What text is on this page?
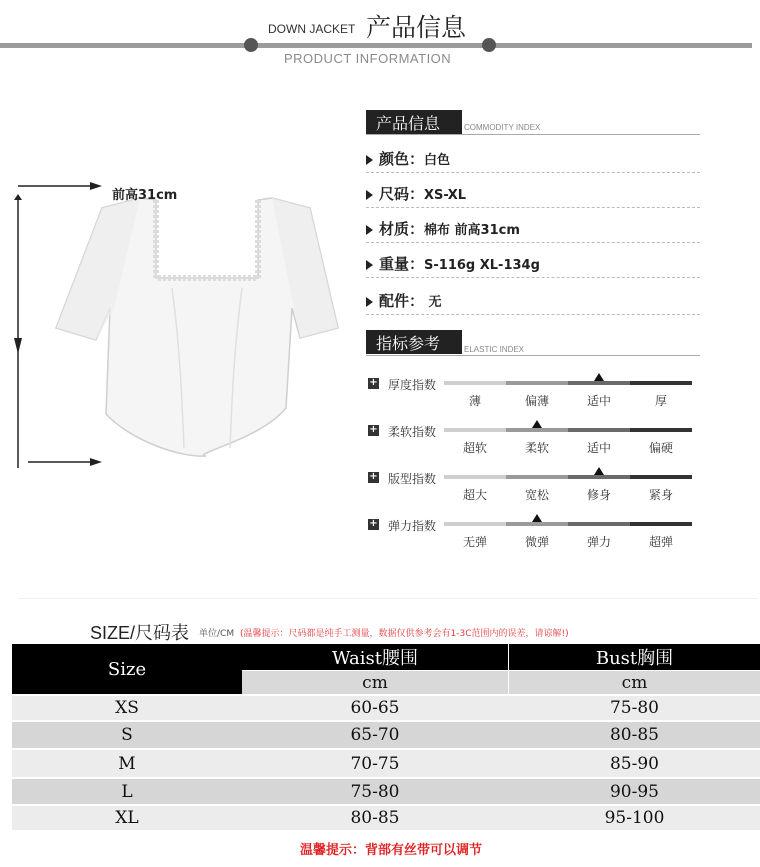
DOWN JACKET 产品信息
PRODUCT INFORMATION
前高31cm
产品信息	COMMODITY INDEX
颜色：白色
尺码：XS-XL
材质：棉布 前高31cm
重量：S-116g XL-134g
配件： 无
指标参考	ELASTIC INDEX
+ 厚度指数
薄	偏薄	适中	厚
+ 柔软指数
超软	柔软	适中	偏硬
+ 版型指数
超大	宽松	修身	紧身
+ 弹力指数
无弹	微弹	弹力	超弹
SIZE/尺码表 单位/CM (温馨提示：尺码都是纯手工测量，数据仅供参考会有1-3C范围内的误差，请谅解!)
Size	Waist腰围	Bust胸围
cm	cm
XS	60-65	75-80
S	65-70	80-85
M	70-75	85-90
L	75-80	90-95
XL	80-85	95-100
温馨提示：背部有丝带可以调节
